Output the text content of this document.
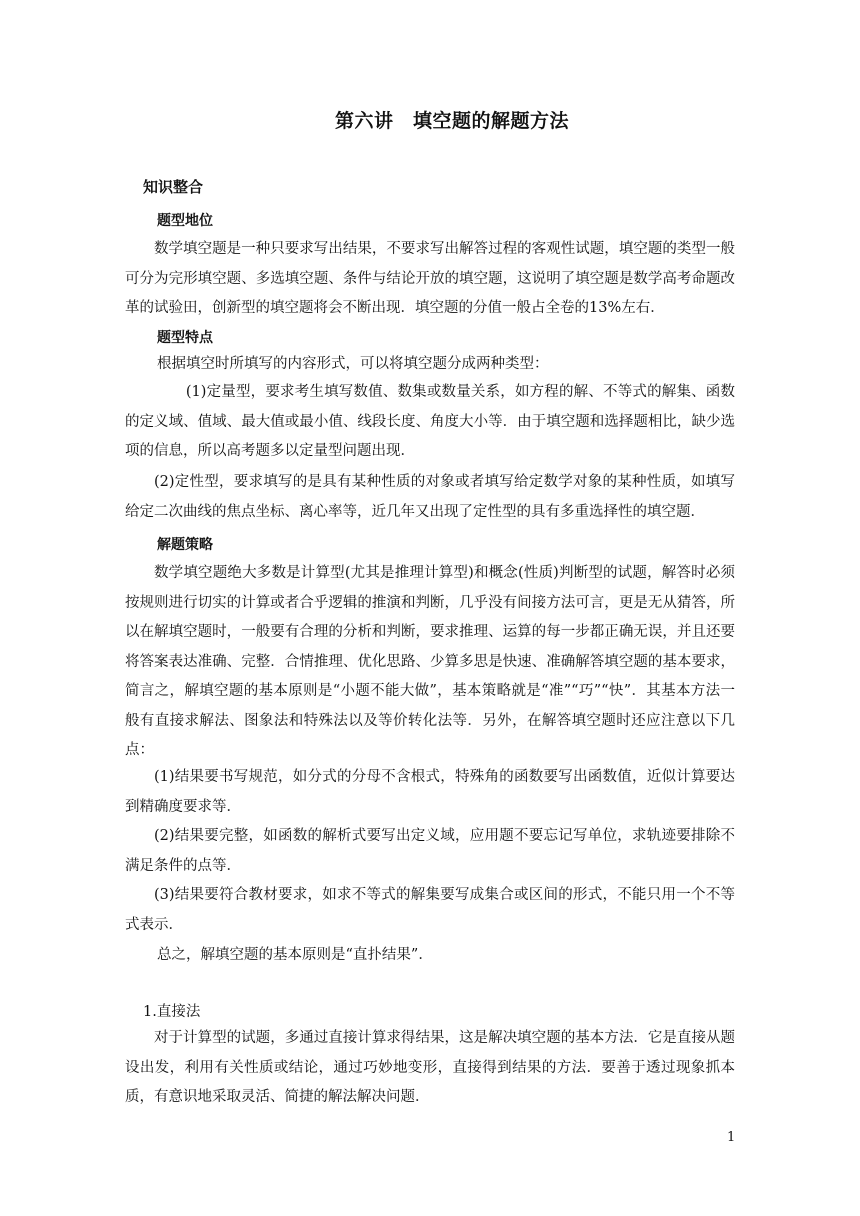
第六讲　填空题的解题方法
知识整合
题型地位

数学填空题是一种只要求写出结果，不要求写出解答过程的客观性试题，填空题的类型一般可分为完形填空题、多选填空题、条件与结论开放的填空题，这说明了填空题是数学高考命题改革的试验田，创新型的填空题将会不断出现．填空题的分值一般占全卷的13%左右．

题型特点
根据填空时所填写的内容形式，可以将填空题分成两种类型：

(1)定量型，要求考生填写数值、数集或数量关系，如方程的解、不等式的解集、函数的定义域、值域、最大值或最小值、线段长度、角度大小等．由于填空题和选择题相比，缺少选项的信息，所以高考题多以定量型问题出现．

(2)定性型，要求填写的是具有某种性质的对象或者填写给定数学对象的某种性质，如填写给定二次曲线的焦点坐标、离心率等，近几年又出现了定性型的具有多重选择性的填空题．

解题策略

数学填空题绝大多数是计算型(尤其是推理计算型)和概念(性质)判断型的试题，解答时必须按规则进行切实的计算或者合乎逻辑的推演和判断，几乎没有间接方法可言，更是无从猜答，所以在解填空题时，一般要有合理的分析和判断，要求推理、运算的每一步都正确无误，并且还要将答案表达准确、完整．合情推理、优化思路、少算多思是快速、准确解答填空题的基本要求，简言之，解填空题的基本原则是“小题不能大做”，基本策略就是“准”“巧”“快”．其基本方法一般有直接求解法、图象法和特殊法以及等价转化法等．另外，在解答填空题时还应注意以下几点：

(1)结果要书写规范，如分式的分母不含根式，特殊角的函数要写出函数值，近似计算要达到精确度要求等．

(2)结果要完整，如函数的解析式要写出定义域，应用题不要忘记写单位，求轨迹要排除不满足条件的点等．

(3)结果要符合教材要求，如求不等式的解集要写成集合或区间的形式，不能只用一个不等式表示．

总之，解填空题的基本原则是“直扑结果”．
1.直接法

对于计算型的试题，多通过直接计算求得结果，这是解决填空题的基本方法．它是直接从题设出发，利用有关性质或结论，通过巧妙地变形，直接得到结果的方法．要善于透过现象抓本质，有意识地采取灵活、简捷的解法解决问题．

1
